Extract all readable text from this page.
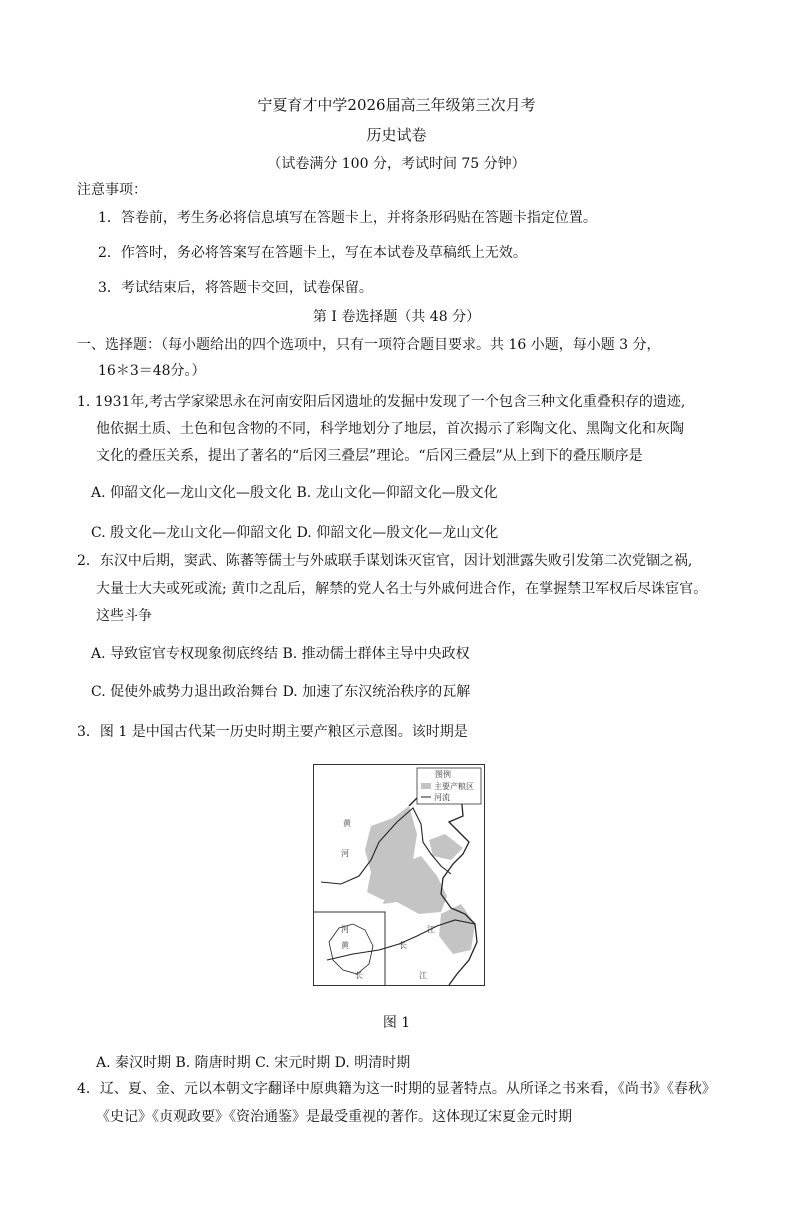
宁夏育才中学2026届高三年级第三次月考
历史试卷
（试卷满分 100 分，考试时间 75 分钟）
注意事项：
1．答卷前，考生务必将信息填写在答题卡上，并将条形码贴在答题卡指定位置。
2．作答时，务必将答案写在答题卡上，写在本试卷及草稿纸上无效。
3．考试结束后，将答题卡交回，试卷保留。
第 I 卷选择题（共 48 分）
一、选择题：（每小题给出的四个选项中，只有一项符合题目要求。共 16 小题，每小题 3 分，
16＊3＝48分。）
1. 1931年,考古学家梁思永在河南安阳后冈遗址的发掘中发现了一个包含三种文化重叠积存的遗迹,
他依据土质、土色和包含物的不同，科学地划分了地层，首次揭示了彩陶文化、黑陶文化和灰陶
文化的叠压关系，提出了著名的“后冈三叠层”理论。“后冈三叠层”从上到下的叠压顺序是
A. 仰韶文化—龙山文化—殷文化 B. 龙山文化—仰韶文化—殷文化
C. 殷文化—龙山文化—仰韶文化 D. 仰韶文化—殷文化—龙山文化
2．东汉中后期，窦武、陈蕃等儒士与外戚联手谋划诛灭宦官，因计划泄露失败引发第二次党锢之祸,
大量士大夫或死或流; 黄巾之乱后，解禁的党人名士与外戚何进合作，在掌握禁卫军权后尽诛宦官。
这些斗争
A. 导致宦官专权现象彻底终结 B. 推动儒士群体主导中央政权
C. 促使外戚势力退出政治舞台 D. 加速了东汉统治秩序的瓦解
3．图 1 是中国古代某一历史时期主要产粮区示意图。该时期是
图例
主要产粮区
河流
黄
河
河
黄	长
江
长	江
图 1
A. 秦汉时期 B. 隋唐时期 C. 宋元时期 D. 明清时期
4．辽、夏、金、元以本朝文字翻译中原典籍为这一时期的显著特点。从所译之书来看，《尚书》《春秋》
《史记》《贞观政要》《资治通鉴》是最受重视的著作。这体现辽宋夏金元时期
